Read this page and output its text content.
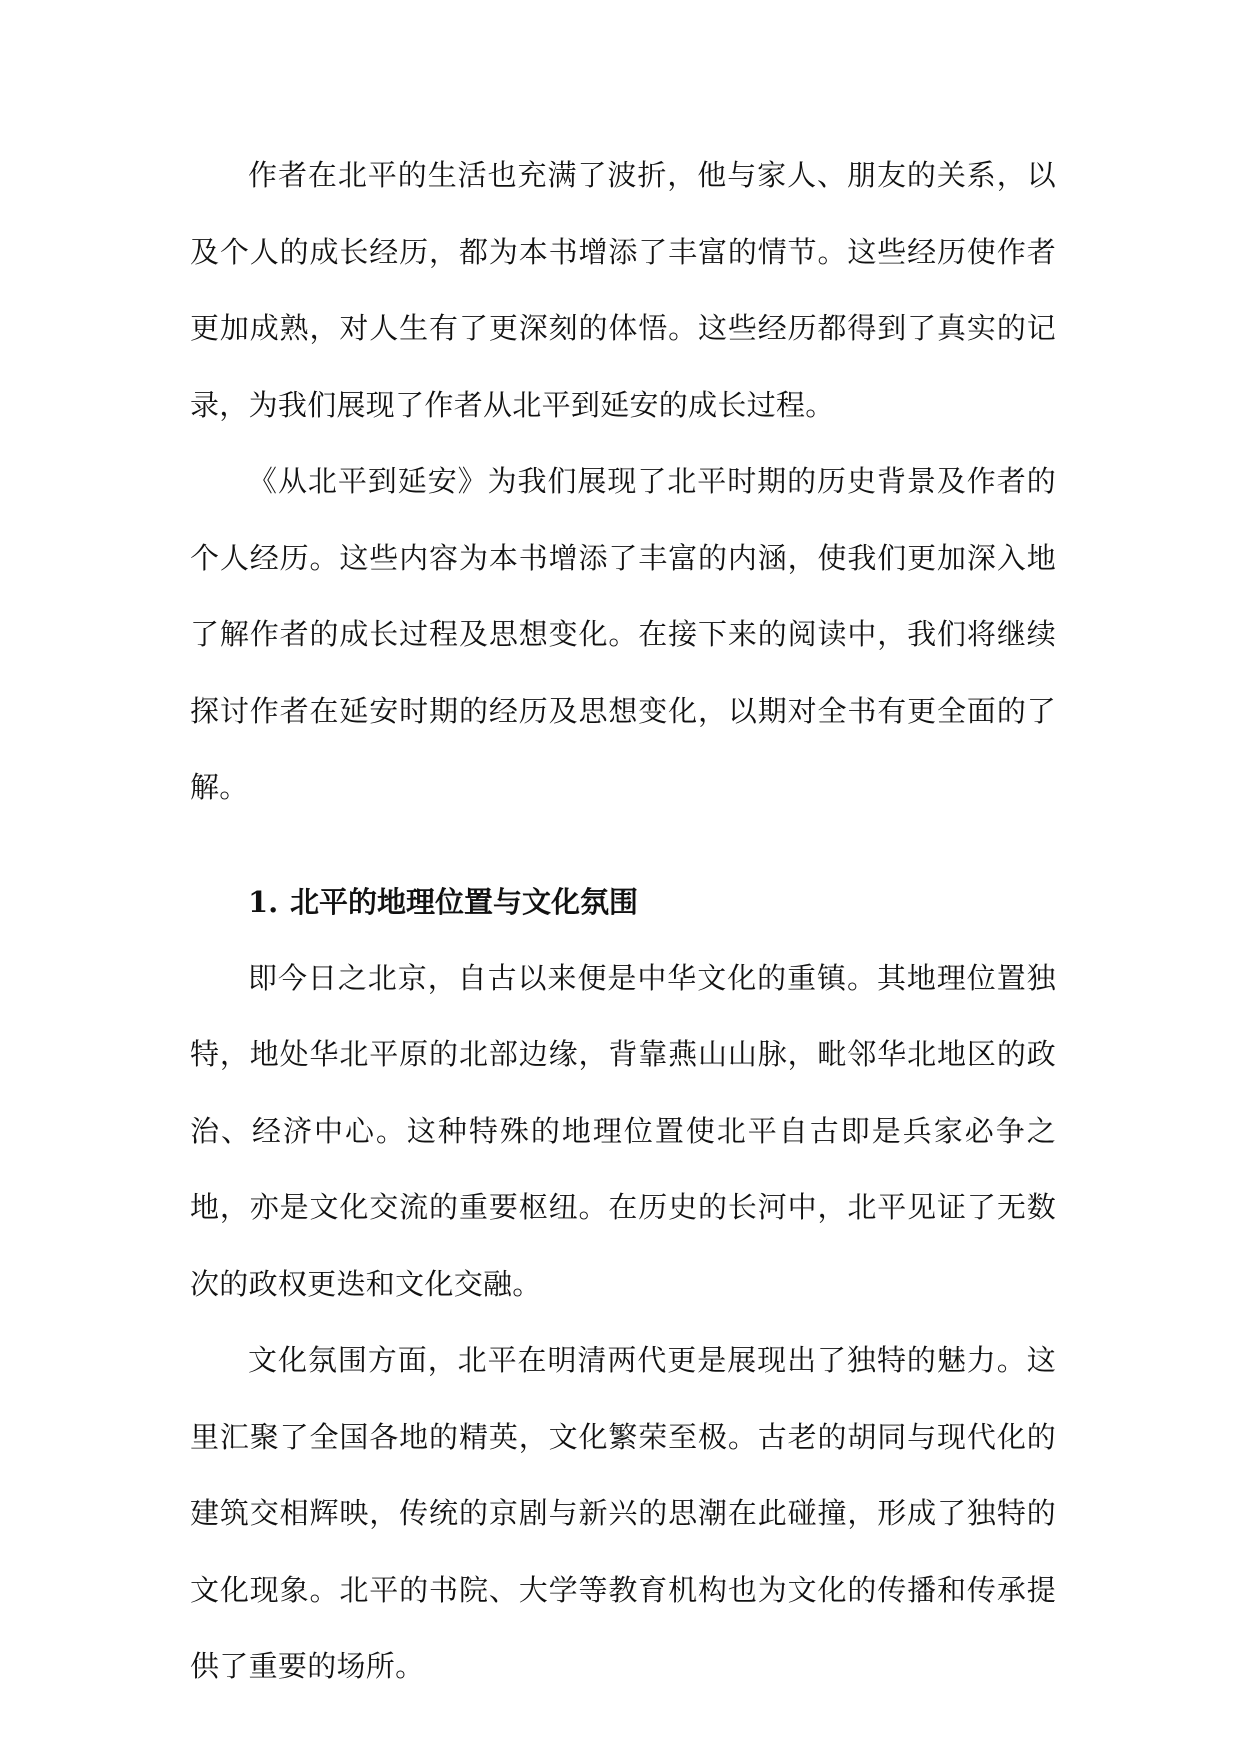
作者在北平的生活也充满了波折，他与家人、朋友的关系，以及个人的成长经历，都为本书增添了丰富的情节。这些经历使作者更加成熟，对人生有了更深刻的体悟。这些经历都得到了真实的记录，为我们展现了作者从北平到延安的成长过程。

《从北平到延安》为我们展现了北平时期的历史背景及作者的个人经历。这些内容为本书增添了丰富的内涵，使我们更加深入地了解作者的成长过程及思想变化。在接下来的阅读中，我们将继续探讨作者在延安时期的经历及思想变化，以期对全书有更全面的了解。

1. 北平的地理位置与文化氛围

即今日之北京，自古以来便是中华文化的重镇。其地理位置独特，地处华北平原的北部边缘，背靠燕山山脉，毗邻华北地区的政治、经济中心。这种特殊的地理位置使北平自古即是兵家必争之地，亦是文化交流的重要枢纽。在历史的长河中，北平见证了无数次的政权更迭和文化交融。

文化氛围方面，北平在明清两代更是展现出了独特的魅力。这里汇聚了全国各地的精英，文化繁荣至极。古老的胡同与现代化的建筑交相辉映，传统的京剧与新兴的思潮在此碰撞，形成了独特的文化现象。北平的书院、大学等教育机构也为文化的传播和传承提供了重要的场所。
